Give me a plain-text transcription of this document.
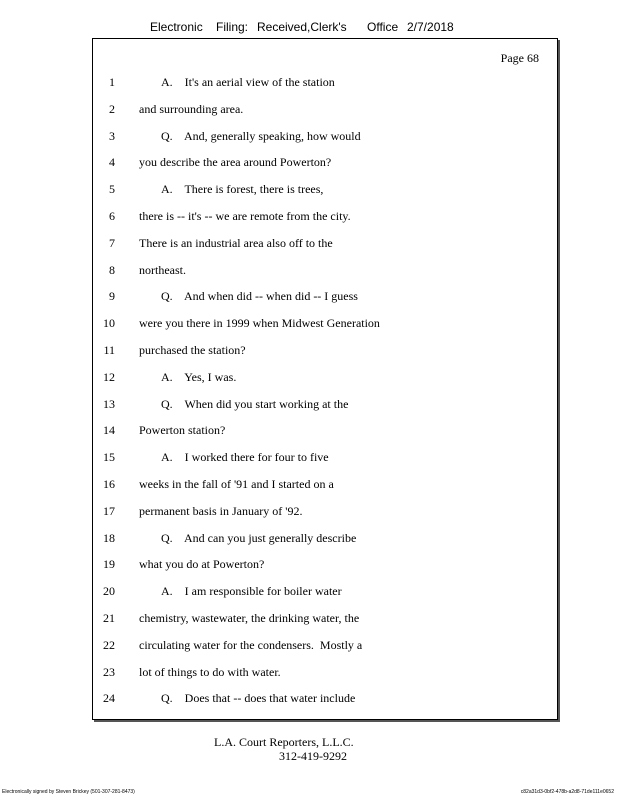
Electronic Filing: Received,Clerk's Office 2/7/2018
Page 68
1	A.    It's an aerial view of the station
2 and surrounding area.
3	Q.    And, generally speaking, how would
4 you describe the area around Powerton?
5	A.    There is forest, there is trees,
6 there is -- it's -- we are remote from the city.
7 There is an industrial area also off to the
8 northeast.
9	Q.    And when did -- when did -- I guess
10 were you there in 1999 when Midwest Generation
11 purchased the station?
12	A.    Yes, I was.
13	Q.    When did you start working at the
14 Powerton station?
15	A.    I worked there for four to five
16 weeks in the fall of '91 and I started on a
17 permanent basis in January of '92.
18	Q.    And can you just generally describe
19 what you do at Powerton?
20	A.    I am responsible for boiler water
21 chemistry, wastewater, the drinking water, the
22 circulating water for the condensers.  Mostly a
23 lot of things to do with water.
24	Q.    Does that -- does that water include
L.A. Court Reporters, L.L.C.
312-419-9292
Electronically signed by Steven Brickey (501-307-281-8473)	c82a31d3-0bf2-478b-a2d8-71de111e0652
